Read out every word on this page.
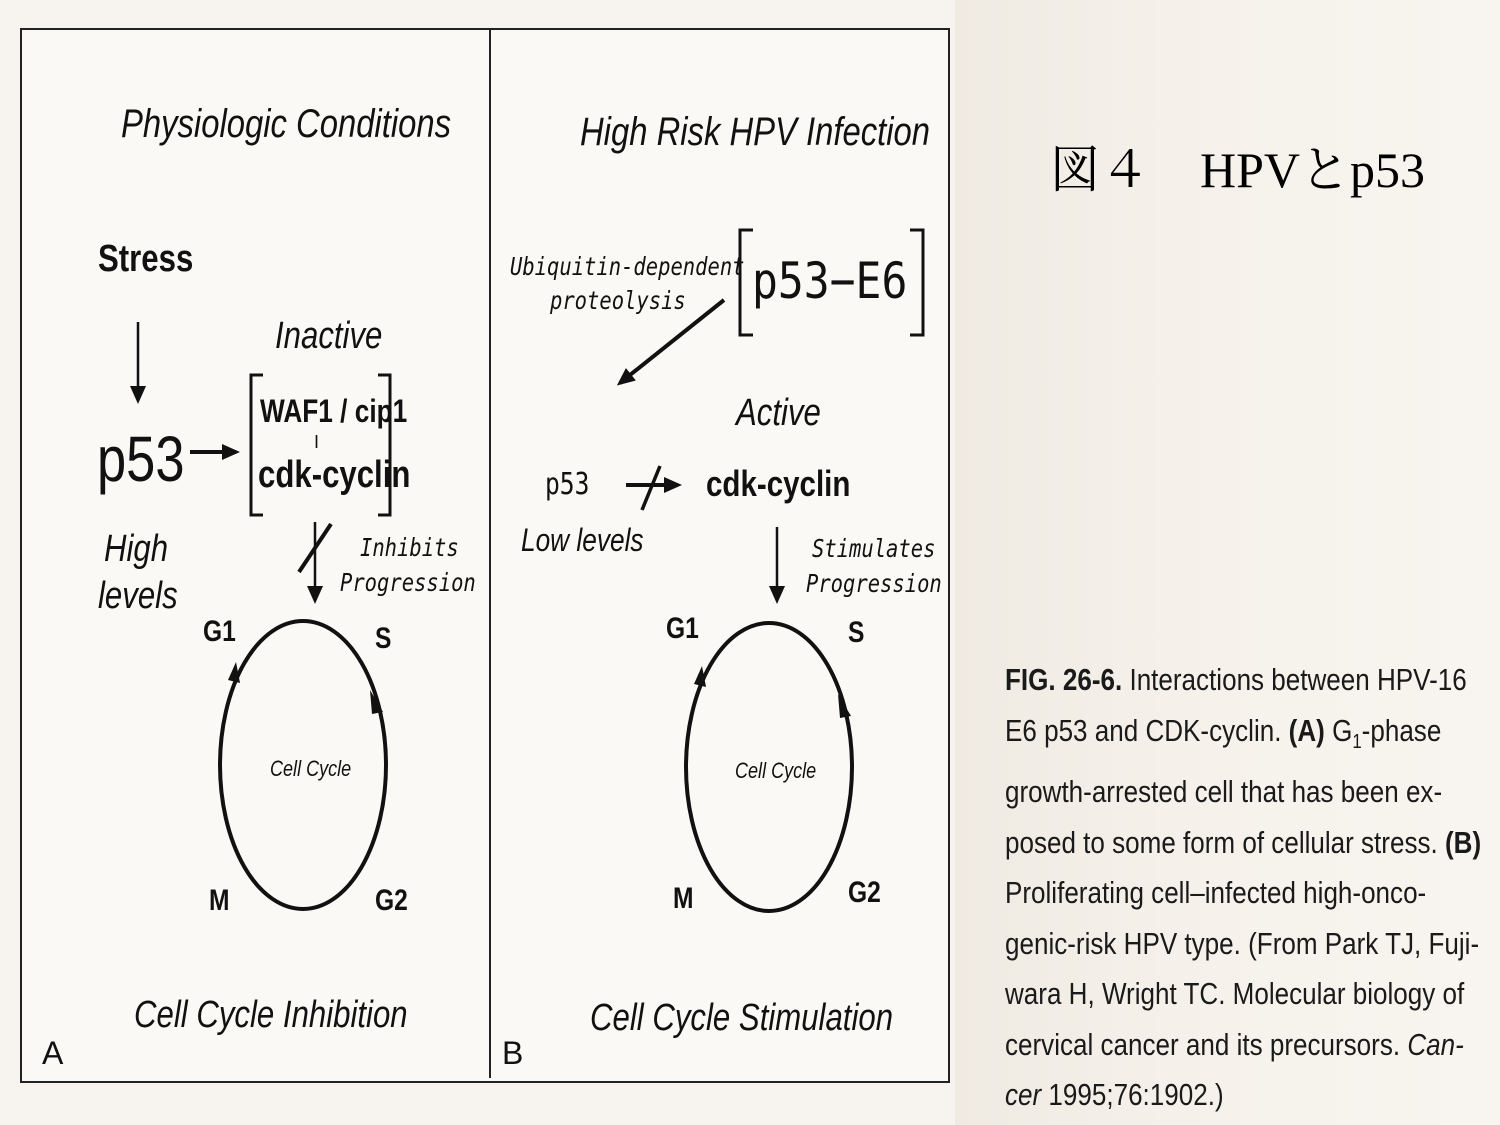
図４　HPVとp53
Physiologic Conditions
Stress
p53
High
levels
Inactive
WAF1 / cip1
I
cdk-cyclin
Inhibits
Progression
G1	S
M	G2
Cell Cycle
Cell Cycle Inhibition
A
High Risk HPV Infection
Ubiquitin-dependent
proteolysis p53−E6
Active
p53
Low levels
cdk-cyclin
Stimulates
Progression
G1	S
M	G2
Cell Cycle
Cell Cycle Stimulation
B
FIG. 26-6. Interactions between HPV-16
E6 p53 and CDK-cyclin. (A) $G_1$-phase
growth-arrested cell that has been ex-
posed to some form of cellular stress. (B)
Proliferating cell–infected high-onco-
genic-risk HPV type. (From Park TJ, Fuji-
wara H, Wright TC. Molecular biology of
cervical cancer and its precursors. Can-
cer 1995;76:1902.)
